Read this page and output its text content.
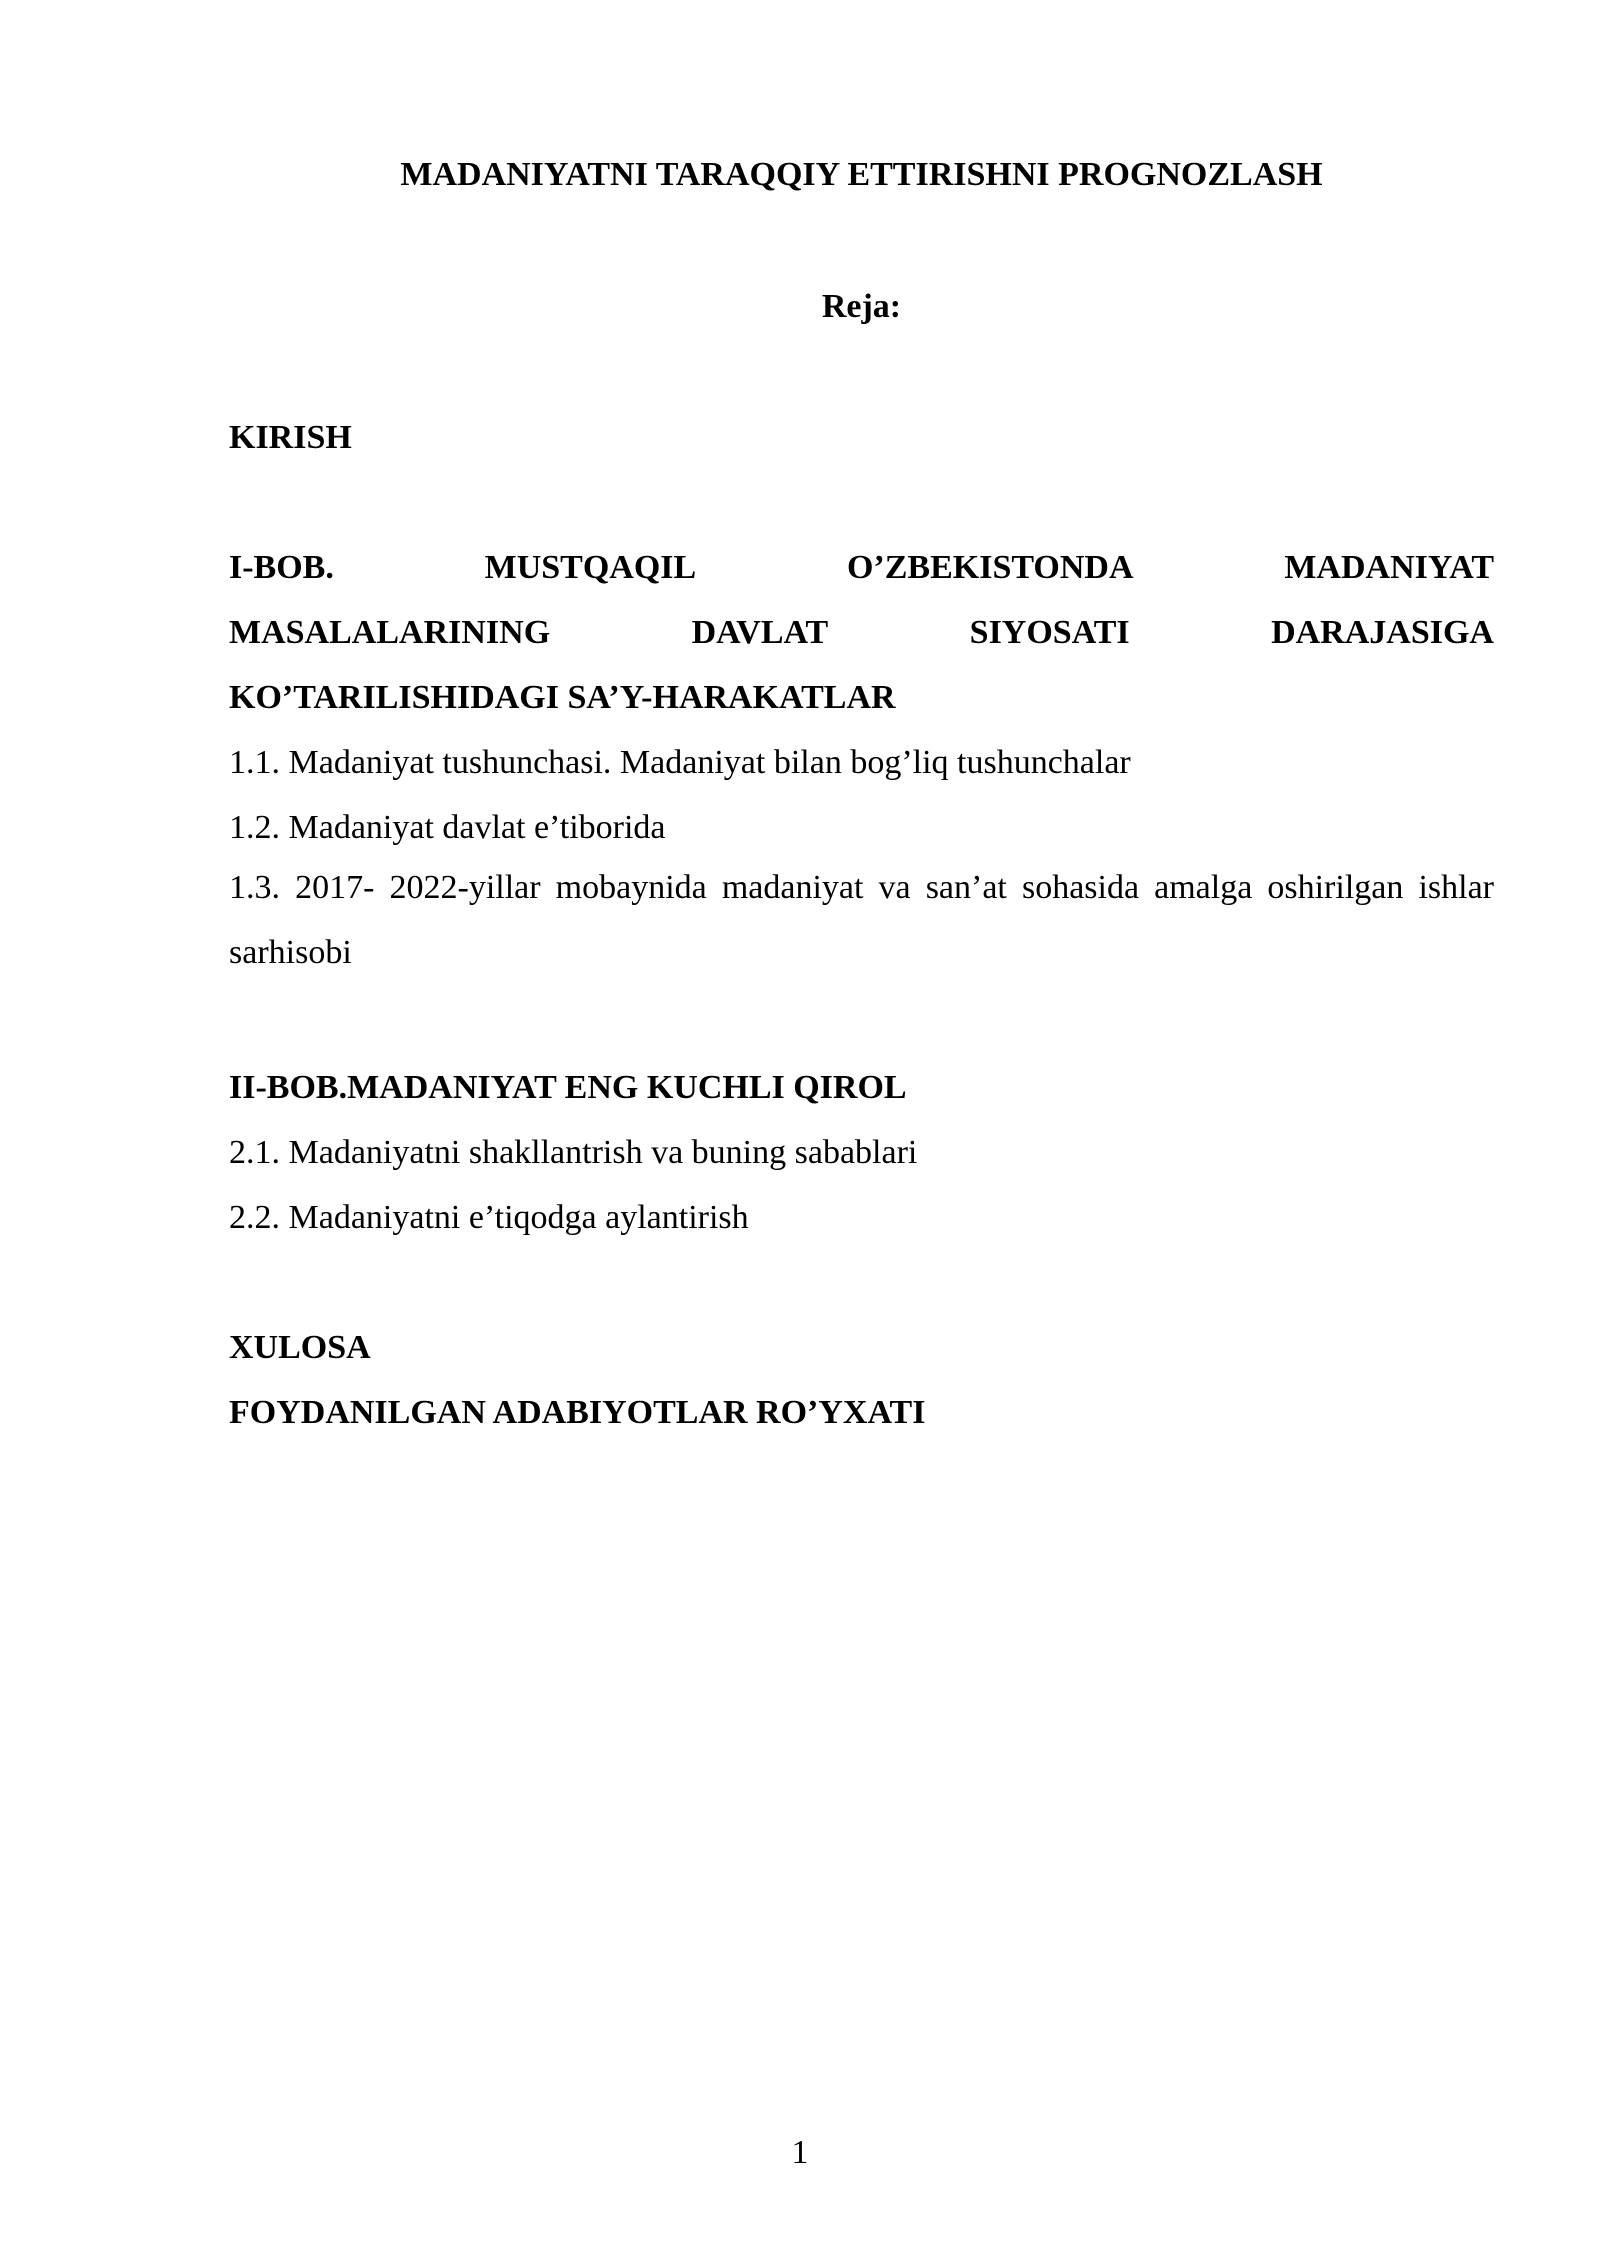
MADANIYATNI TARAQQIY ETTIRISHNI PROGNOZLASH
Reja:
KIRISH
I-BOB.	MUSTQAQIL	O’ZBEKISTONDA	MADANIYAT
MASALALARINING	DAVLAT	SIYOSATI	DARAJASIGA
KO’TARILISHIDAGI SA’Y-HARAKATLAR
1.1. Madaniyat tushunchasi. Madaniyat bilan bog’liq tushunchalar
1.2. Madaniyat davlat e’tiborida
1.3. 2017- 2022-yillar mobaynida madaniyat va san’at sohasida amalga oshirilgan ishlar sarhisobi
II-BOB.MADANIYAT ENG KUCHLI QIROL
2.1. Madaniyatni shakllantrish va buning sabablari
2.2. Madaniyatni e’tiqodga aylantirish
XULOSA
FOYDANILGAN ADABIYOTLAR RO’YXATI
1
